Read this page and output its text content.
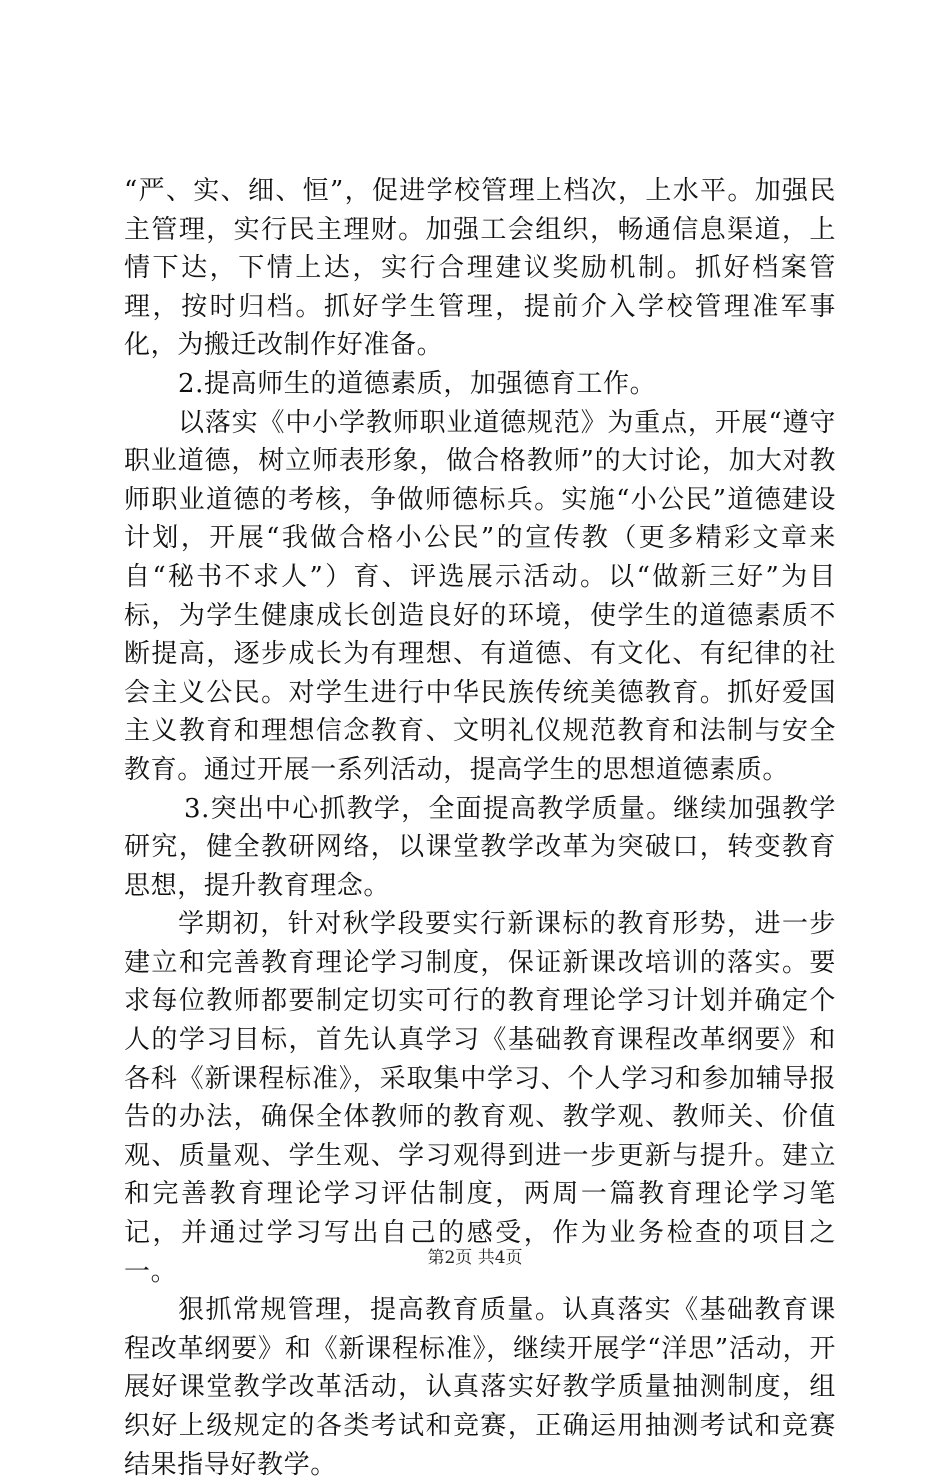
“严、实、细、恒”，促进学校管理上档次，上水平。加强民主管理，实行民主理财。加强工会组织，畅通信息渠道，上情下达，下情上达，实行合理建议奖励机制。抓好档案管理，按时归档。抓好学生管理，提前介入学校管理准军事化，为搬迁改制作好准备。

2.提高师生的道德素质，加强德育工作。

以落实《中小学教师职业道德规范》为重点，开展“遵守职业道德，树立师表形象，做合格教师”的大讨论，加大对教师职业道德的考核，争做师德标兵。实施“小公民”道德建设计划，开展“我做合格小公民”的宣传教（更多精彩文章来自“秘书不求人”）育、评选展示活动。以“做新三好”为目标，为学生健康成长创造良好的环境，使学生的道德素质不断提高，逐步成长为有理想、有道德、有文化、有纪律的社会主义公民。对学生进行中华民族传统美德教育。抓好爱国主义教育和理想信念教育、文明礼仪规范教育和法制与安全教育。通过开展一系列活动，提高学生的思想道德素质。

3.突出中心抓教学，全面提高教学质量。继续加强教学研究，健全教研网络，以课堂教学改革为突破口，转变教育思想，提升教育理念。

学期初，针对秋学段要实行新课标的教育形势，进一步建立和完善教育理论学习制度，保证新课改培训的落实。要求每位教师都要制定切实可行的教育理论学习计划并确定个人的学习目标，首先认真学习《基础教育课程改革纲要》和各科《新课程标准》，采取集中学习、个人学习和参加辅导报告的办法，确保全体教师的教育观、教学观、教师关、价值观、质量观、学生观、学习观得到进一步更新与提升。建立和完善教育理论学习评估制度，两周一篇教育理论学习笔记，并通过学习写出自己的感受，作为业务检查的项目之一。

狠抓常规管理，提高教育质量。认真落实《基础教育课程改革纲要》和《新课程标准》，继续开展学“洋思”活动，开展好课堂教学改革活动，认真落实好教学质量抽测制度，组织好上级规定的各类考试和竞赛，正确运用抽测考试和竞赛结果指导好教学。

第2页 共4页
